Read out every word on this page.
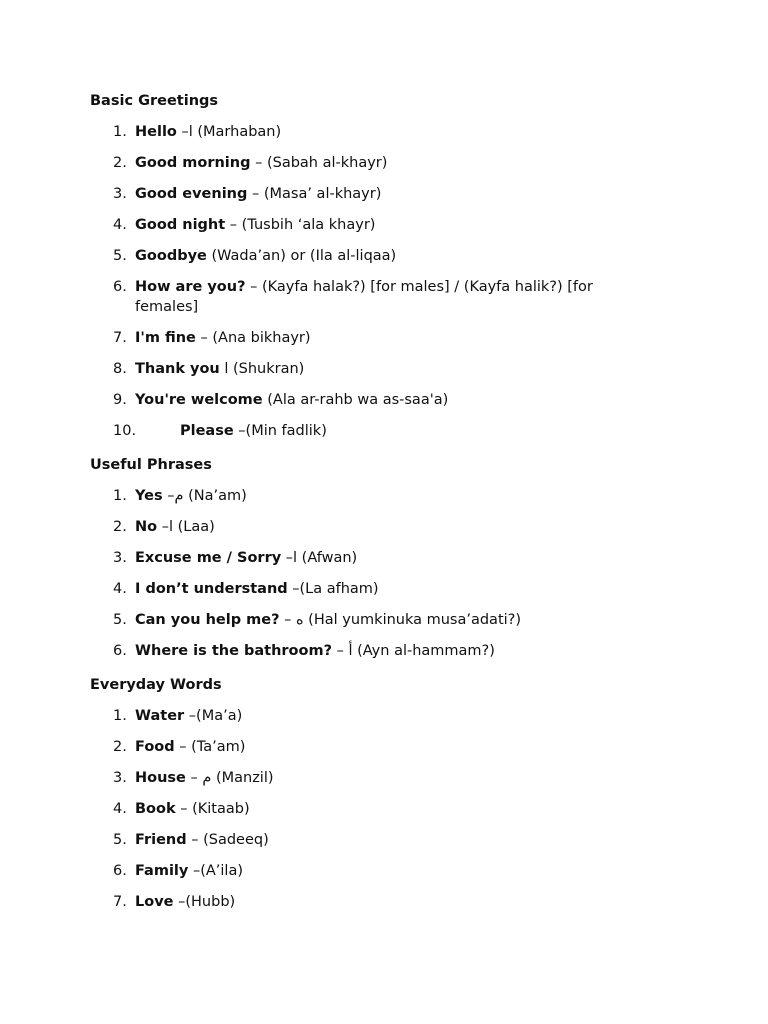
Basic Greetings

1. Hello –l (Marhaban)
2. Good morning – (Sabah al-khayr)
3. Good evening – (Masa’ al-khayr)
4. Good night – (Tusbih ‘ala khayr)
5. Goodbye (Wada’an) or (Ila al-liqaa)
6. How are you? – (Kayfa halak?) [for males] / (Kayfa halik?) [for females]
7. I'm fine – (Ana bikhayr)
8. Thank you l (Shukran)
9. You're welcome (Ala ar-rahb wa as-saa'a)
10.	Please –(Min fadlik)

Useful Phrases

1. Yes –م (Na’am)
2. No –l (Laa)
3. Excuse me / Sorry –l (Afwan)
4. I don’t understand –(La afham)
5. Can you help me? – ه (Hal yumkinuka musa’adati?)
6. Where is the bathroom? – أ (Ayn al-hammam?)

Everyday Words

1. Water –(Ma’a)
2. Food – (Ta’am)
3. House – م (Manzil)
4. Book – (Kitaab)
5. Friend – (Sadeeq)
6. Family –(A’ila)
7. Love –(Hubb)
